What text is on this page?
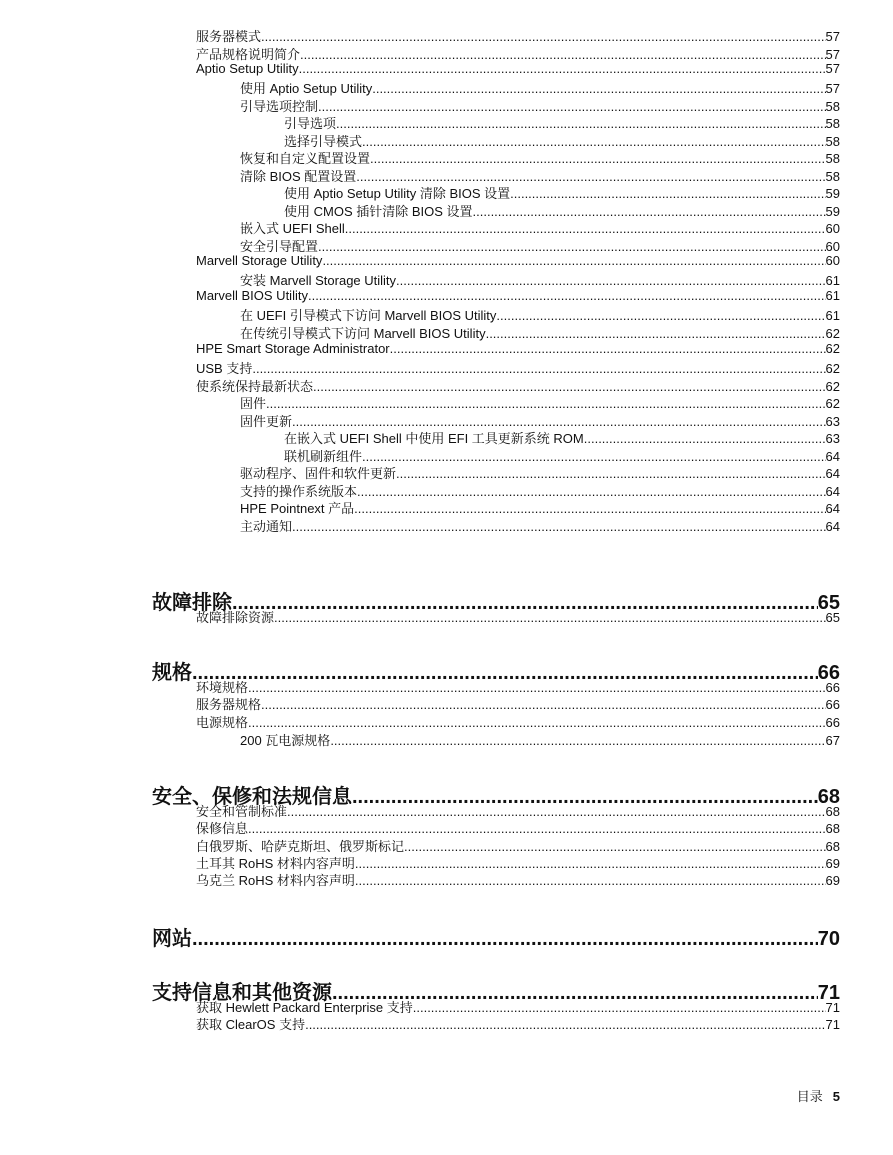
服务器模式 .....	57
产品规格说明简介 .....	57
Aptio Setup Utility .....	57
使用 Aptio Setup Utility .....	57
引导选项控制 .....	58
引导选项 .....	58
选择引导模式 .....	58
恢复和自定义配置设置 .....	58
清除 BIOS 配置设置 .....	58
使用 Aptio Setup Utility 清除 BIOS 设置 .....	59
使用 CMOS 插针清除 BIOS 设置 .....	59
嵌入式 UEFI Shell .....	60
安全引导配置 .....	60
Marvell Storage Utility .....	60
安装 Marvell Storage Utility .....	61
Marvell BIOS Utility .....	61
在 UEFI 引导模式下访问 Marvell BIOS Utility .....	61
在传统引导模式下访问 Marvell BIOS Utility .....	62
HPE Smart Storage Administrator .....	62
USB 支持 .....	62
使系统保持最新状态 .....	62
固件 .....	62
固件更新 .....	63
在嵌入式 UEFI Shell 中使用 EFI 工具更新系统 ROM .....	63
联机刷新组件 .....	64
驱动程序、固件和软件更新 .....	64
支持的操作系统版本 .....	64
HPE Pointnext 产品 .....	64
主动通知 .....	64
故障排除 .....	65
故障排除资源 .....	65
规格 .....	66
环境规格 .....	66
服务器规格 .....	66
电源规格 .....	66
200 瓦电源规格 .....	67
安全、保修和法规信息 .....	68
安全和管制标准 .....	68
保修信息 .....	68
白俄罗斯、哈萨克斯坦、俄罗斯标记 .....	68
土耳其 RoHS 材料内容声明 .....	69
乌克兰 RoHS 材料内容声明 .....	69
网站 .....	70
支持信息和其他资源 .....	71
获取 Hewlett Packard Enterprise 支持 .....	71
获取 ClearOS 支持 .....	71
目录 5
